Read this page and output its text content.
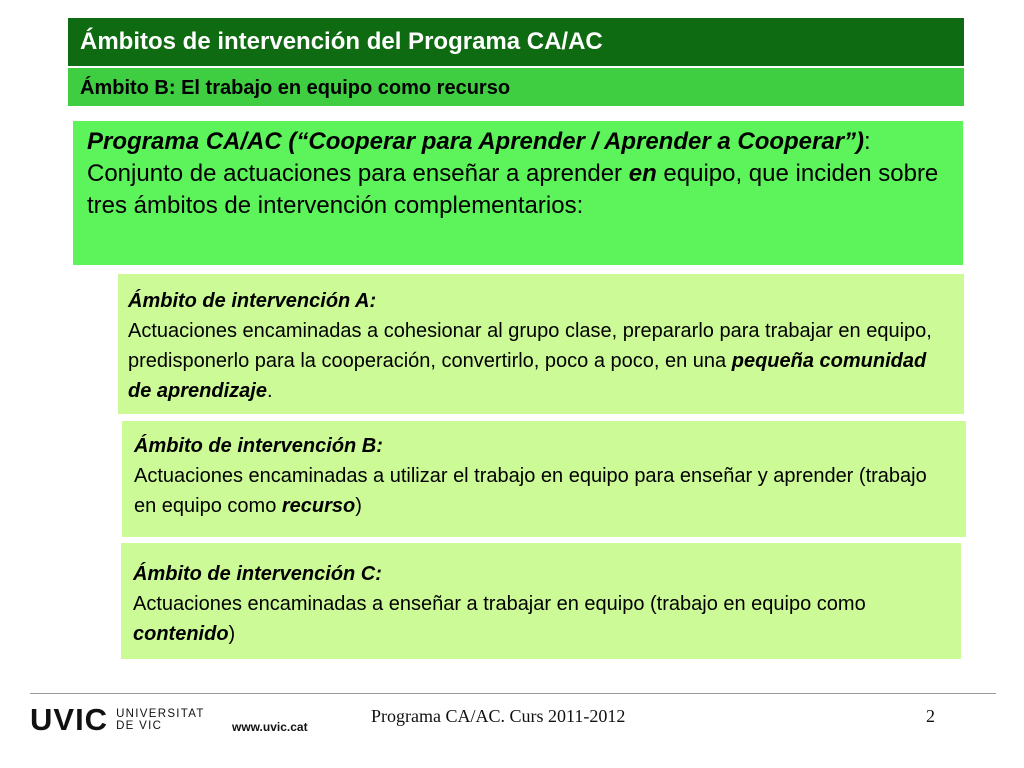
Ámbitos de intervención del Programa CA/AC
Ámbito B: El trabajo en equipo como recurso
Programa CA/AC (“Cooperar para Aprender / Aprender a Cooperar”):
Conjunto de actuaciones para enseñar a aprender en equipo, que inciden sobre tres ámbitos de intervención complementarios:
Ámbito de intervención A:
Actuaciones encaminadas a cohesionar al grupo clase, prepararlo para trabajar en equipo, predisponerlo para la cooperación, convertirlo, poco a poco, en una pequeña comunidad de aprendizaje.
Ámbito de intervención B:
Actuaciones encaminadas a utilizar el trabajo en equipo para enseñar y aprender (trabajo en equipo como recurso)
Ámbito de intervención C:
Actuaciones encaminadas a enseñar a trabajar en equipo (trabajo en equipo como contenido)
UVIC UNIVERSITAT
DE VIC	www.uvic.cat
Programa CA/AC. Curs 2011-2012	2
